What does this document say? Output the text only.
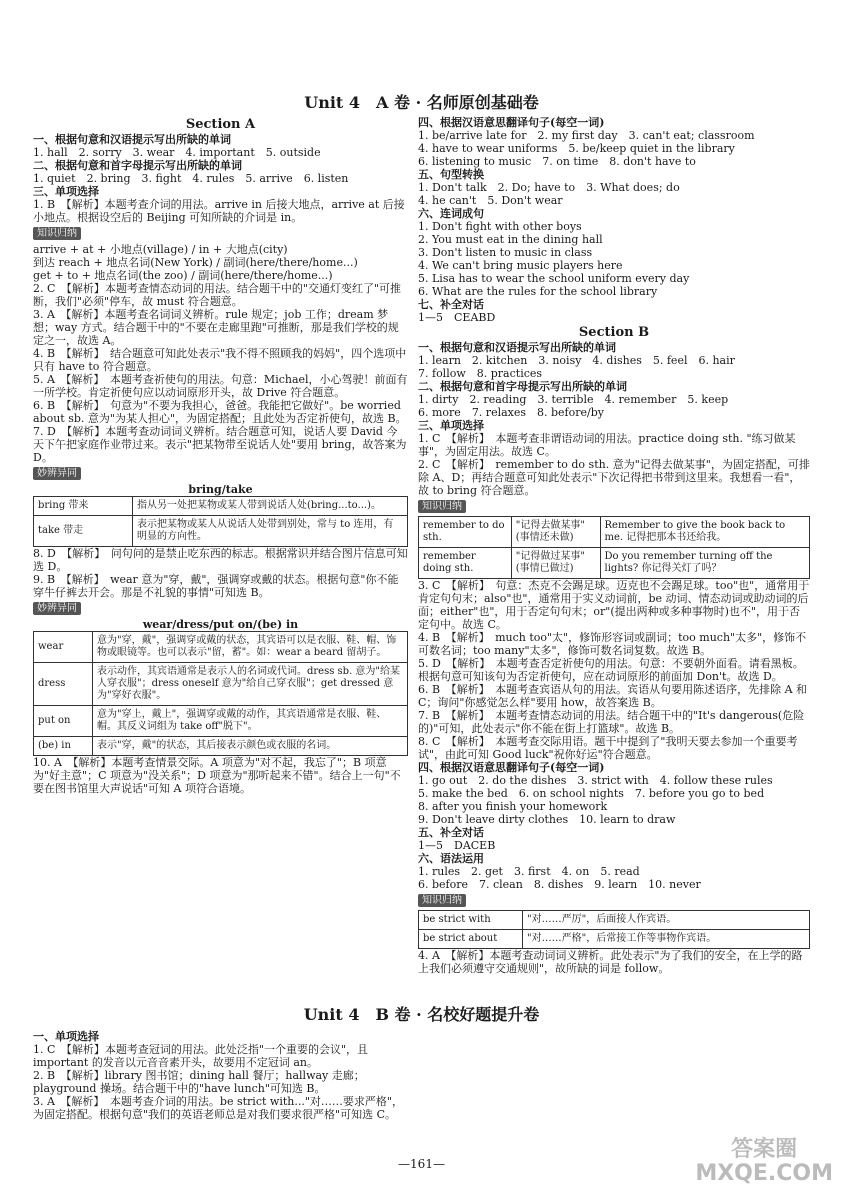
Unit 4　A 卷 · 名师原创基础卷
Section A
一、根据句意和汉语提示写出所缺的单词
1. hall　2. sorry　3. wear　4. important　5. outside
二、根据句意和首字母提示写出所缺的单词
1. quiet　2. bring　3. fight　4. rules　5. arrive　6. listen
三、单项选择
1. B　【解析】本题考查介词的用法。arrive in 后接大地点，arrive at 后接小地点。根据设空后的 Beijing 可知所缺的介词是 in。
知识归纳
arrive + at + 小地点(village) / in + 大地点(city)
到达 reach + 地点名词(New York) / 副词(here/there/home...)
get + to + 地点名词(the zoo) / 副词(here/there/home...)
2. C　【解析】本题考查情态动词的用法。结合题干中的"交通灯变红了"可推断，我们"必须"停车，故 must 符合题意。
3. A　【解析】本题考查名词词义辨析。rule 规定；job 工作；dream 梦想；way 方式。结合题干中的"不要在走廊里跑"可推断，那是我们学校的规定之一，故选 A。
4. B　【解析】　结合题意可知此处表示"我不得不照顾我的妈妈"，四个选项中只有 have to 符合题意。
5. A　【解析】　本题考查祈使句的用法。句意：Michael，小心驾驶！前面有一所学校。肯定祈使句应以动词原形开头，故 Drive 符合题意。
6. B　【解析】　句意为"不要为我担心，爸爸。我能把它做好"。be worried about sb. 意为"为某人担心"，为固定搭配；且此处为否定祈使句，故选 B。
7. D　【解析】本题考查动词词义辨析。结合题意可知，说话人要 David 今天下午把家庭作业带过来。表示"把某物带至说话人处"要用 bring，故答案为 D。
妙辨异同
bring/take
bring 带来	指从另一处把某物或某人带到说话人处(bring...to...)。
take 带走	表示把某物或某人从说话人处带到别处，常与 to 连用，有明显的方向性。
8. D　【解析】　问句问的是禁止吃东西的标志。根据常识并结合图片信息可知选 D。
9. B　【解析】　wear 意为"穿，戴"，强调穿或戴的状态。根据句意"你不能穿牛仔裤去开会。那是不礼貌的事情"可知选 B。
妙辨异同
wear/dress/put on/(be) in
wear	意为"穿，戴"，强调穿或戴的状态，其宾语可以是衣服、鞋、帽、饰物或眼镜等。也可以表示"留，蓄"。如：wear a beard 留胡子。
dress	表示动作，其宾语通常是表示人的名词或代词。dress sb. 意为"给某人穿衣服"；dress oneself 意为"给自己穿衣服"；get dressed 意为"穿好衣服"。
put on	意为"穿上，戴上"，强调穿或戴的动作，其宾语通常是衣服、鞋、帽。其反义词组为 take off"脱下"。
(be) in	表示"穿，戴"的状态，其后接表示颜色或衣服的名词。
10. A　【解析】本题考查情景交际。A 项意为"对不起，我忘了"；B 项意为"好主意"；C 项意为"没关系"；D 项意为"那听起来不错"。结合上一句"不要在图书馆里大声说话"可知 A 项符合语境。
Unit 4　B 卷 · 名校好题提升卷
一、单项选择
1. C　【解析】本题考查冠词的用法。此处泛指"一个重要的会议"，且 important 的发音以元音音素开头，故要用不定冠词 an。
2. B　【解析】library 图书馆；dining hall 餐厅；hallway 走廊；playground 操场。结合题干中的"have lunch"可知选 B。
3. A　【解析】　本题考查介词的用法。be strict with..."对……要求严格"，为固定搭配。根据句意"我们的英语老师总是对我们要求很严格"可知选 C。
四、根据汉语意思翻译句子(每空一词)
1. be/arrive late for　2. my first day　3. can't eat; classroom
4. have to wear uniforms　5. be/keep quiet in the library
6. listening to music　7. on time　8. don't have to
五、句型转换
1. Don't talk　2. Do; have to　3. What does; do
4. he can't　5. Don't wear
六、连词成句
1. Don't fight with other boys
2. You must eat in the dining hall
3. Don't listen to music in class
4. We can't bring music players here
5. Lisa has to wear the school uniform every day
6. What are the rules for the school library
七、补全对话
1—5　CEABD
Section B
一、根据句意和汉语提示写出所缺的单词
1. learn　2. kitchen　3. noisy　4. dishes　5. feel　6. hair
7. follow　8. practices
二、根据句意和首字母提示写出所缺的单词
1. dirty　2. reading　3. terrible　4. remember　5. keep
6. more　7. relaxes　8. before/by
三、单项选择
1. C　【解析】　本题考查非谓语动词的用法。practice doing sth. "练习做某事"，为固定用法。故选 C。
2. C　【解析】　remember to do sth. 意为"记得去做某事"，为固定搭配，可排除 A、D；再结合题意可知此处表示"下次记得把书带到这里来。我想看一看"，故 to bring 符合题意。
知识归纳
remember to do sth.	"记得去做某事"(事情还未做)	Remember to give the book back to me. 记得把那本书还给我。
remember doing sth.	"记得做过某事"(事情已做过)	Do you remember turning off the lights? 你记得关灯了吗？
3. C　【解析】　句意：杰克不会踢足球。迈克也不会踢足球。too"也"，通常用于肯定句句末；also"也"，通常用于实义动词前，be 动词、情态动词或助动词的后面；either"也"，用于否定句句末；or"(提出两种或多种事物时)也不"，用于否定句中。故选 C。
4. B　【解析】　much too"太"，修饰形容词或副词；too much"太多"，修饰不可数名词；too many"太多"，修饰可数名词复数。故选 B。
5. D　【解析】　本题考查否定祈使句的用法。句意：不要朝外面看。请看黑板。根据句意可知该句为否定祈使句，应在动词原形的前面加 Don't。故选 D。
6. B　【解析】　本题考查宾语从句的用法。宾语从句要用陈述语序，先排除 A 和 C；询问"你感觉怎么样"要用 how，故答案选 B。
7. B　【解析】　本题考查情态动词的用法。结合题干中的"It's dangerous(危险的)"可知，此处表示"你不能在街上打篮球"。故选 B。
8. C　【解析】　本题考查交际用语。题干中提到了"我明天要去参加一个重要考试"，由此可知 Good luck"祝你好运"符合题意。
四、根据汉语意思翻译句子(每空一词)
1. go out　2. do the dishes　3. strict with　4. follow these rules
5. make the bed　6. on school nights　7. before you go to bed
8. after you finish your homework
9. Don't leave dirty clothes　10. learn to draw
五、补全对话
1—5　DACEB
六、语法运用
1. rules　2. get　3. first　4. on　5. read
6. before　7. clean　8. dishes　9. learn　10. never
知识归纳
be strict with	"对……严厉"，后面接人作宾语。
be strict about	"对……严格"，后常接工作等事物作宾语。
4. A　【解析】本题考查动词词义辨析。此处表示"为了我们的安全，在上学的路上我们必须遵守交通规则"，故所缺的词是 follow。
—161—
答案圈
MXQE.COM
